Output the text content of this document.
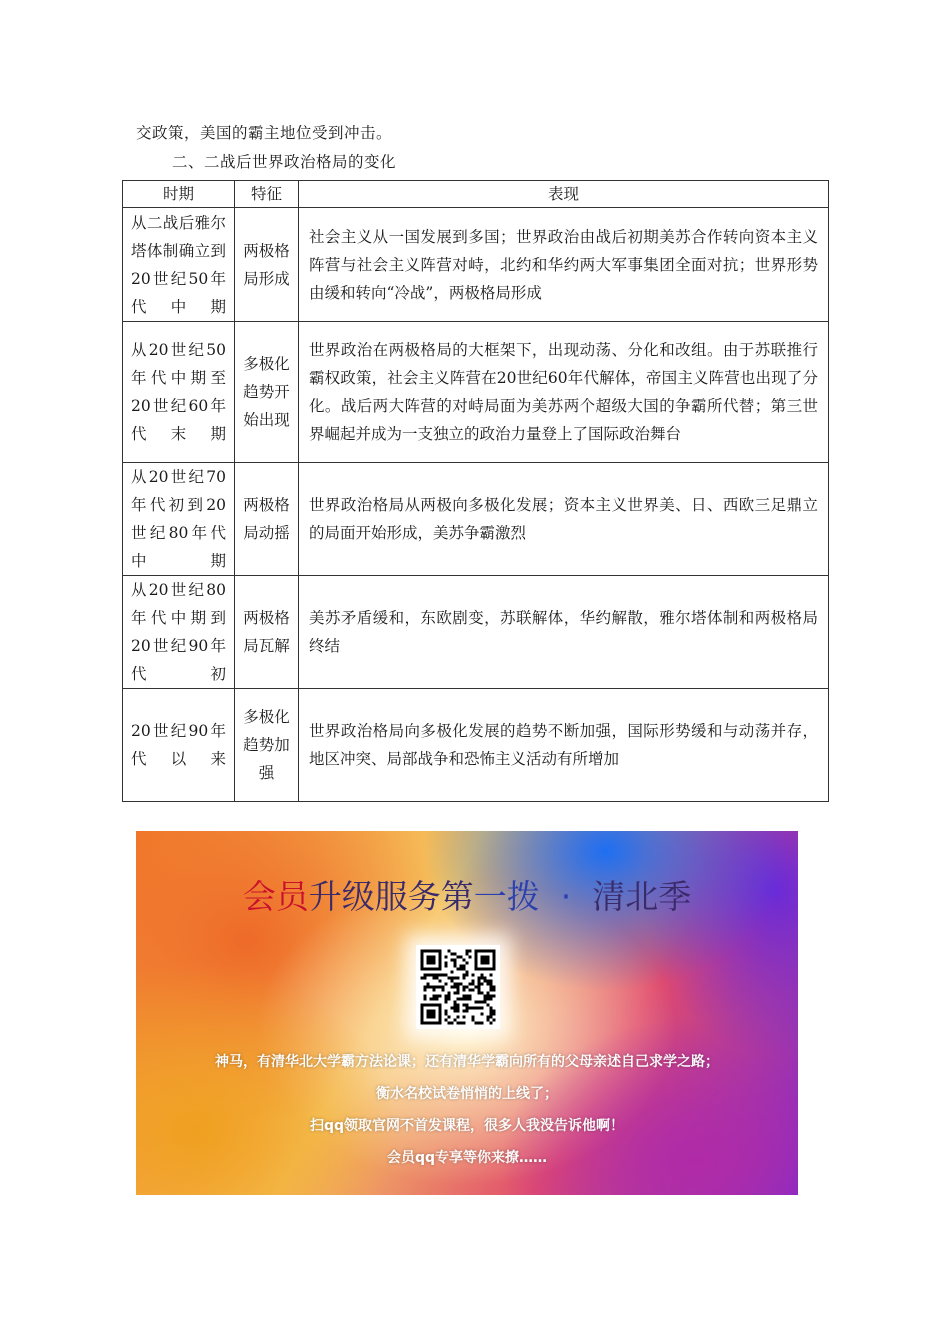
交政策，美国的霸主地位受到冲击。
二、二战后世界政治格局的变化
时期	特征	表现
从二战后雅尔塔体制确立到20世纪50年代中期	两极格局形成	社会主义从一国发展到多国；世界政治由战后初期美苏合作转向资本主义阵营与社会主义阵营对峙，北约和华约两大军事集团全面对抗；世界形势由缓和转向“冷战”，两极格局形成
从20世纪50年代中期至20世纪60年代末期	多极化趋势开始出现	世界政治在两极格局的大框架下，出现动荡、分化和改组。由于苏联推行霸权政策，社会主义阵营在20世纪60年代解体，帝国主义阵营也出现了分化。战后两大阵营的对峙局面为美苏两个超级大国的争霸所代替；第三世界崛起并成为一支独立的政治力量登上了国际政治舞台
从20世纪70年代初到20世纪80年代中期	两极格局动摇	世界政治格局从两极向多极化发展；资本主义世界美、日、西欧三足鼎立的局面开始形成，美苏争霸激烈
从20世纪80年代中期到20世纪90年代初	两极格局瓦解	美苏矛盾缓和，东欧剧变，苏联解体，华约解散，雅尔塔体制和两极格局终结
20世纪90年代以来	多极化趋势加强	世界政治格局向多极化发展的趋势不断加强，国际形势缓和与动荡并存，地区冲突、局部战争和恐怖主义活动有所增加
会员升级服务第一拨 · 清北季
神马，有清华北大学霸方法论课；还有清华学霸向所有的父母亲述自己求学之路；
衡水名校试卷悄悄的上线了；
扫qq领取官网不首发课程，很多人我没告诉他啊！
会员qq专享等你来撩……
